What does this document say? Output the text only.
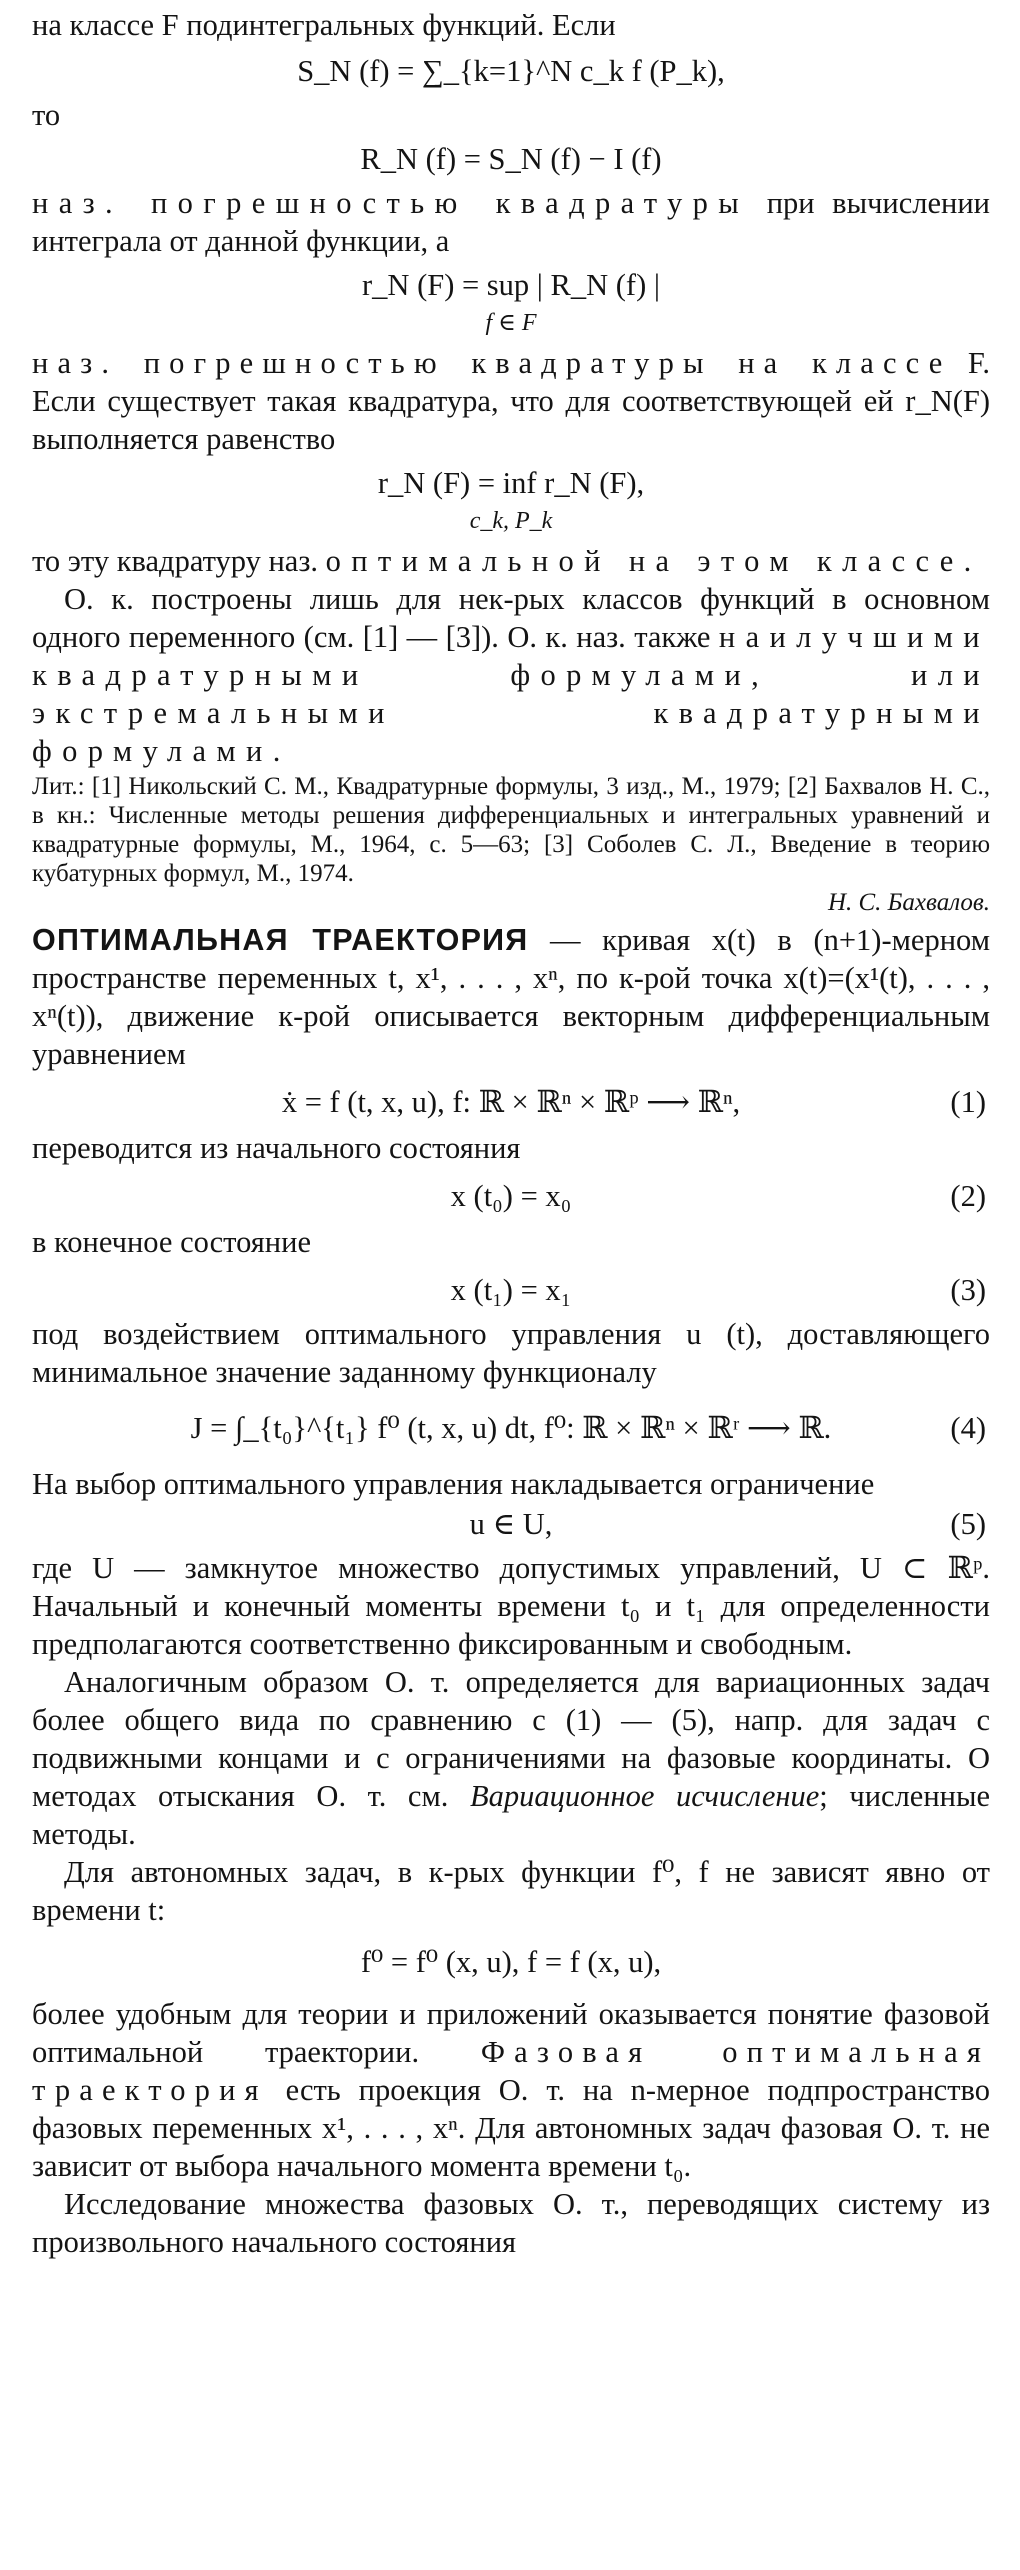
на классе F подинтегральных функций. Если

S_N (f) = ∑_{k=1}^N c_k f (P_k),

то

R_N (f) = S_N (f) − I (f)

наз. погрешностью квадратуры при вычислении интеграла от данной функции, а

r_N (F) = sup | R_N (f) |
f ∈ F

наз. погрешностью квадратуры на классе F. Если существует такая квадратура, что для соответствующей ей r_N(F) выполняется равенство

r_N (F) = inf r_N (F),
c_k, P_k

то эту квадратуру наз. оптимальной на этом классе.

О. к. построены лишь для нек-рых классов функций в основном одного переменного (см. [1] — [3]). О. к. наз. также наилучшими квадратурными формулами, или экстремальными квадратурными формулами.

Лит.: [1] Никольский С. М., Квадратурные формулы, 3 изд., М., 1979; [2] Бахвалов Н. С., в кн.: Численные методы решения дифференциальных и интегральных уравнений и квадратурные формулы, М., 1964, с. 5—63; [3] Соболев С. Л., Введение в теорию кубатурных формул, М., 1974.

Н. С. Бахвалов.

ОПТИМАЛЬНАЯ ТРАЕКТОРИЯ — кривая x(t) в (n+1)-мерном пространстве переменных t, x¹, . . . , xⁿ, по к-рой точка x(t)=(x¹(t), . . . , xⁿ(t)), движение к-рой описывается векторным дифференциальным уравнением

ẋ = f (t, x, u), f: ℝ × ℝⁿ × ℝᵖ ⟶ ℝⁿ,	(1)

переводится из начального состояния

x (t₀) = x₀	(2)

в конечное состояние

x (t₁) = x₁	(3)

под воздействием оптимального управления u (t), доставляющего минимальное значение заданному функционалу

J = ∫_{t₀}^{t₁} f⁰ (t, x, u) dt, f⁰: ℝ × ℝⁿ × ℝʳ ⟶ ℝ.	(4)

На выбор оптимального управления накладывается ограничение

u ∈ U,	(5)

где U — замкнутое множество допустимых управлений, U ⊂ ℝᵖ. Начальный и конечный моменты времени t₀ и t₁ для определенности предполагаются соответственно фиксированным и свободным.

Аналогичным образом О. т. определяется для вариационных задач более общего вида по сравнению с (1) — (5), напр. для задач с подвижными концами и с ограничениями на фазовые координаты. О методах отыскания О. т. см. Вариационное исчисление; численные методы.

Для автономных задач, в к-рых функции f⁰, f не зависят явно от времени t:

f⁰ = f⁰ (x, u), f = f (x, u),

более удобным для теории и приложений оказывается понятие фазовой оптимальной траектории. Фазовая оптимальная траектория есть проекция О. т. на n-мерное подпространство фазовых переменных x¹, . . . , xⁿ. Для автономных задач фазовая О. т. не зависит от выбора начального момента времени t₀.

Исследование множества фазовых О. т., переводящих систему из произвольного начального состояния
